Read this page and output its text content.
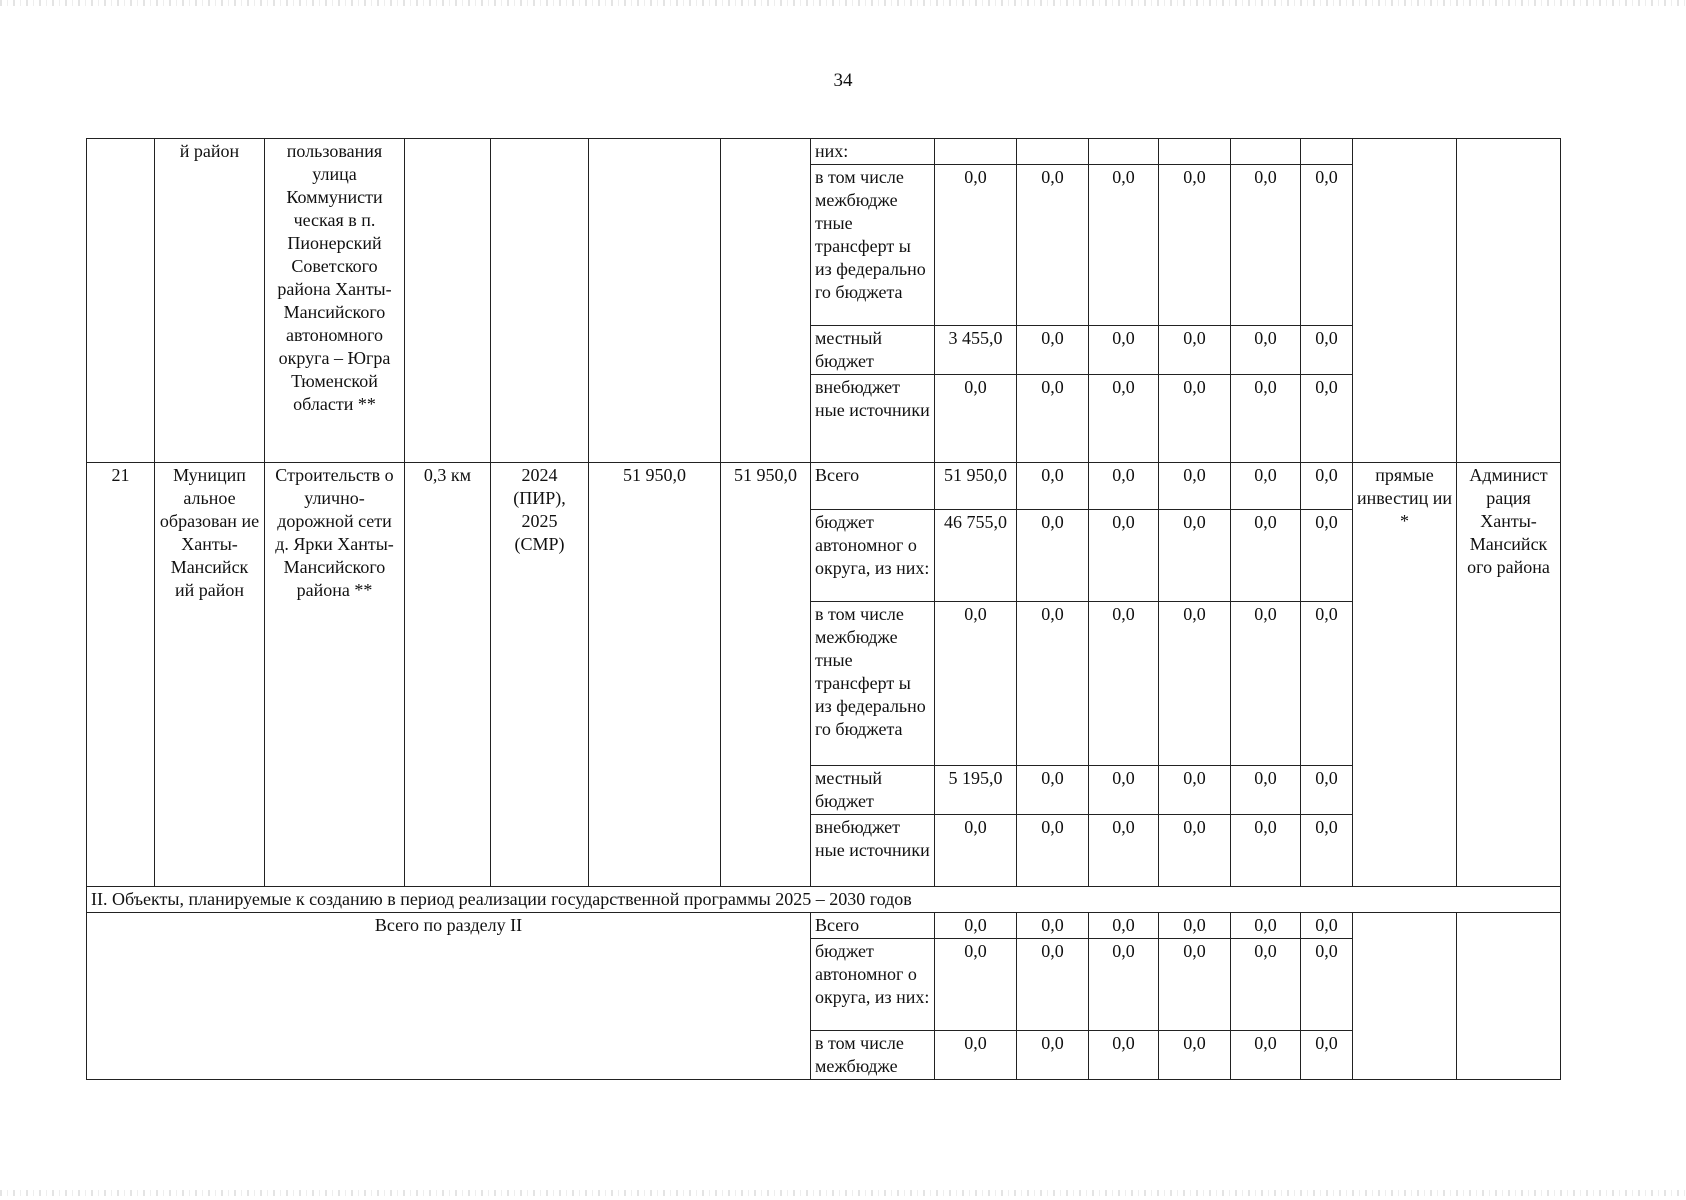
34
	й район	пользования улица Коммунисти ческая в п. Пионерский Советского района Ханты- Мансийского автономного округа – Югра Тюменской области **					них:								
							в том числе межбюдже тные трансферт ы из федерально го бюджета	0,0	0,0	0,0	0,0	0,0	0,0		
							местный бюджет	3 455,0	0,0	0,0	0,0	0,0	0,0		
							внебюджет ные источники	0,0	0,0	0,0	0,0	0,0	0,0		
21	Муницип альное образован ие Ханты- Мансийск ий район	Строительств о улично- дорожной сети д. Ярки Ханты- Мансийского района **	0,3 км	2024 (ПИР), 2025 (СМР)	51 950,0	51 950,0	Всего	51 950,0	0,0	0,0	0,0	0,0	0,0	прямые инвестиц ии *	Админист рация Ханты- Мансийск ого района
							бюджет автономног о округа, из них:	46 755,0	0,0	0,0	0,0	0,0	0,0		
							в том числе межбюдже тные трансферт ы из федерально го бюджета	0,0	0,0	0,0	0,0	0,0	0,0		
							местный бюджет	5 195,0	0,0	0,0	0,0	0,0	0,0		
							внебюджет ные источники	0,0	0,0	0,0	0,0	0,0	0,0		
II. Объекты, планируемые к созданию в период реализации государственной программы 2025 – 2030 годов															
Всего по разделу II							Всего	0,0	0,0	0,0	0,0	0,0	0,0		
							бюджет автономног о округа, из них:	0,0	0,0	0,0	0,0	0,0	0,0		
							в том числе межбюдже	0,0	0,0	0,0	0,0	0,0	0,0		
